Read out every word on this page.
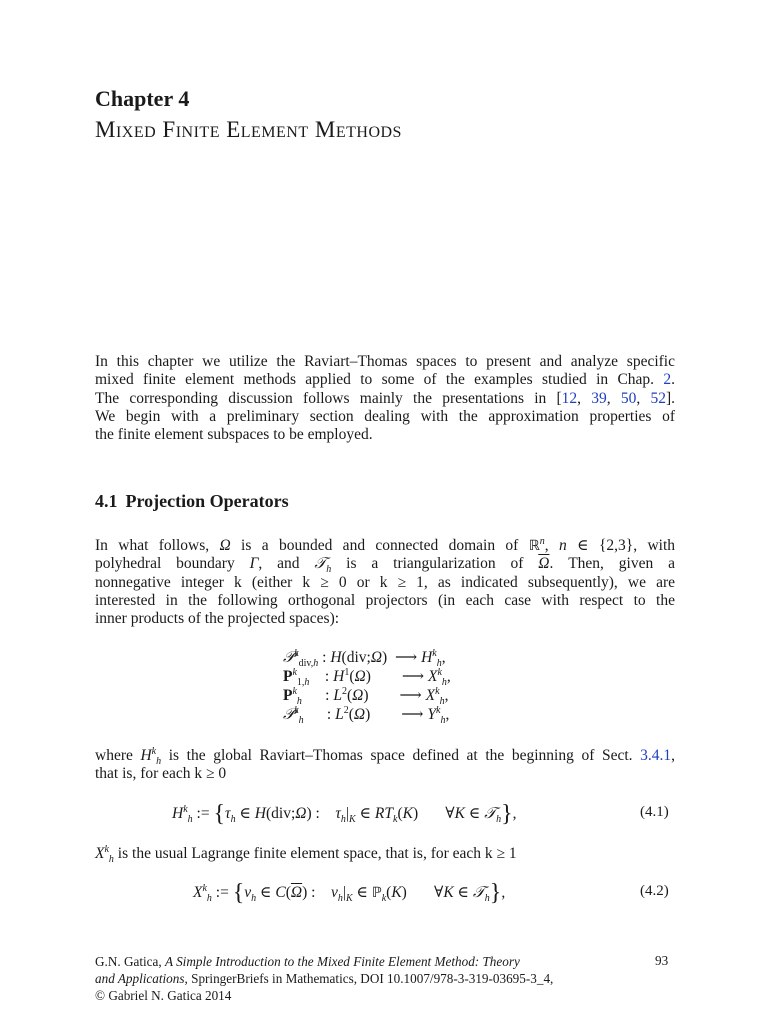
Chapter 4
Mixed Finite Element Methods
In this chapter we utilize the Raviart–Thomas spaces to present and analyze specific
mixed finite element methods applied to some of the examples studied in Chap. 2.
The corresponding discussion follows mainly the presentations in [12, 39, 50, 52].
We begin with a preliminary section dealing with the approximation properties of
the finite element subspaces to be employed.
4.1 Projection Operators
In what follows, Ω is a bounded and connected domain of ℝ$^n$, n ∈ {2,3}, with
polyhedral boundary Γ, and 𝒯$_h$ is a triangularization of $\overline{\Omega}$. Then, given a
nonnegative integer k (either k ≥ 0 or k ≥ 1, as indicated subsequently), we are
interested in the following orthogonal projectors (in each case with respect to the
inner products of the projected spaces):
𝒫$^k_{div,h}$ : H(div;Ω)  ⟶ $H^k_h$,
$P^k_{1,h}$    : $H^1(\Omega)$        ⟶ $X^k_h$,
$P^k_h$      : $L^2(\Omega)$        ⟶ $X^k_h$,
𝒫$^k_h$      : $L^2(\Omega)$        ⟶ $Y^k_h$,
where $H^k_h$ is the global Raviart–Thomas space defined at the beginning of Sect. 3.4.1,
that is, for each k ≥ 0
$H^k_h$ := {$\tau_h$ ∈ H(div;Ω) :    $\tau_h|_K$ ∈ $RT_k(K)$       ∀K ∈ 𝒯$_h$},	(4.1)
$X^k_h$ is the usual Lagrange finite element space, that is, for each k ≥ 1
$X^k_h$ := {$v_h$ ∈ $C(\overline{\Omega})$ :    $v_h|_K$ ∈ ℙ$_k$(K)       ∀K ∈ 𝒯$_h$},	(4.2)
G.N. Gatica, A Simple Introduction to the Mixed Finite Element Method: Theory
and Applications, SpringerBriefs in Mathematics, DOI 10.1007/978-3-319-03695-3_4,
© Gabriel N. Gatica 2014
93
